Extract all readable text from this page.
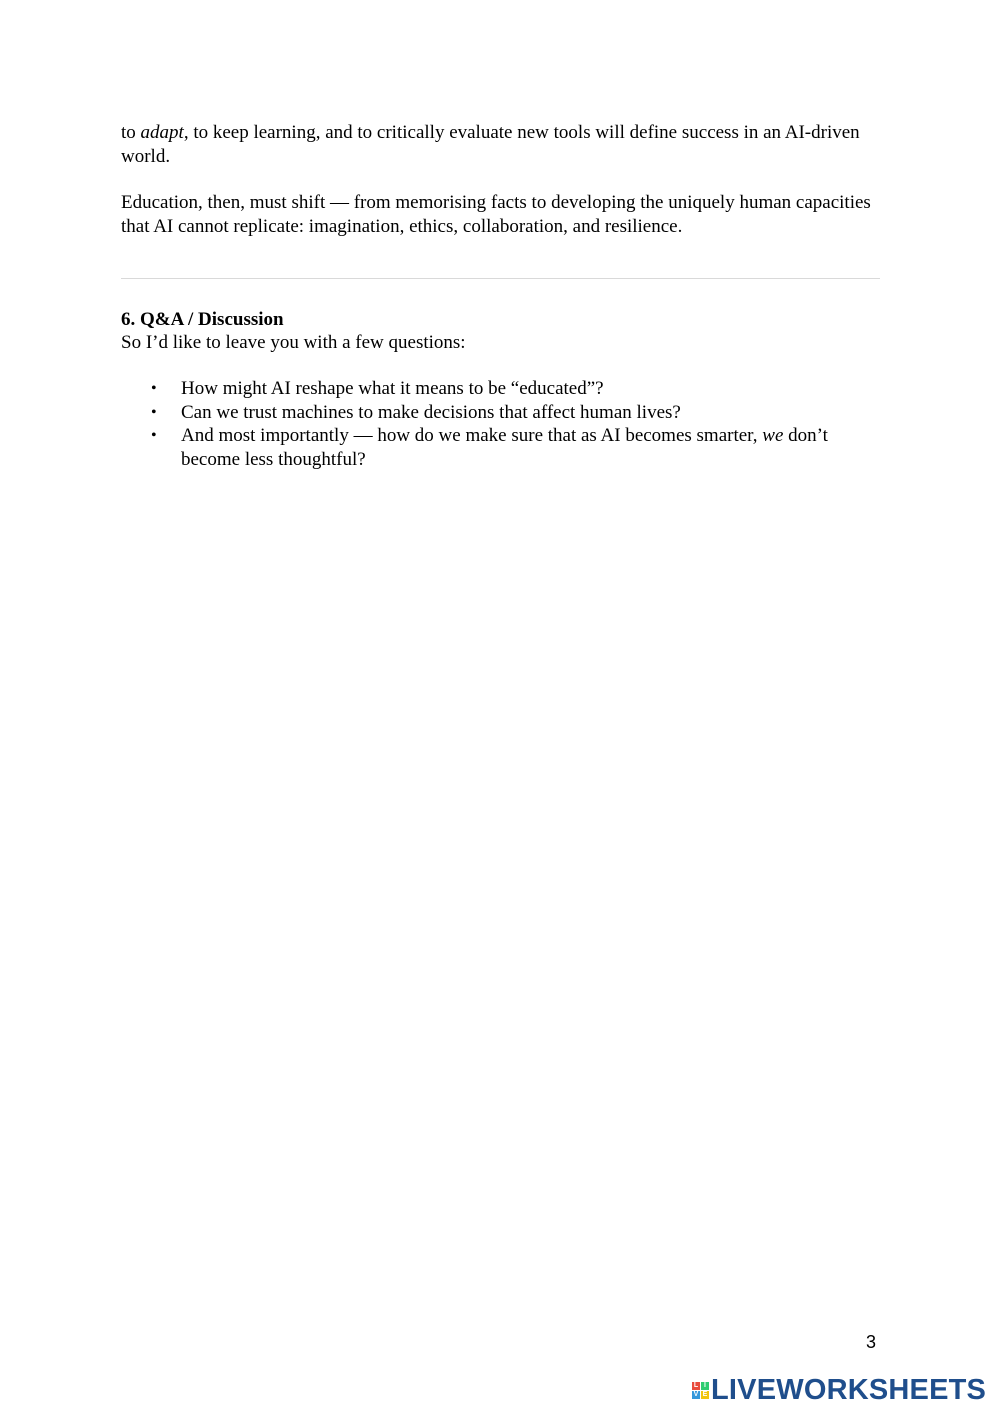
to adapt, to keep learning, and to critically evaluate new tools will define success in an AI-driven world.

Education, then, must shift — from memorising facts to developing the uniquely human capacities that AI cannot replicate: imagination, ethics, collaboration, and resilience.

6. Q&A / Discussion

So I’d like to leave you with a few questions:

• How might AI reshape what it means to be “educated”?
• Can we trust machines to make decisions that affect human lives?
• And most importantly — how do we make sure that as AI becomes smarter, we don’t become less thoughtful?
3
L I
V E LIVEWORKSHEETS
